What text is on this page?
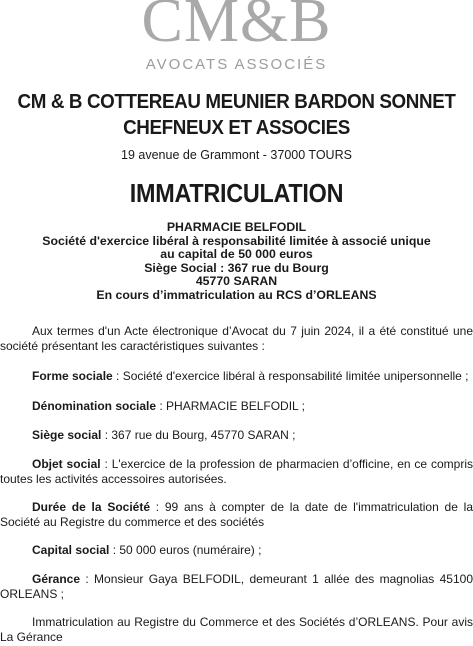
CM&B
AVOCATS ASSOCIÉS
CM & B COTTEREAU MEUNIER BARDON SONNET
CHEFNEUX ET ASSOCIES
19 avenue de Grammont - 37000 TOURS
IMMATRICULATION
PHARMACIE BELFODIL
Société d'exercice libéral à responsabilité limitée à associé unique
au capital de 50 000 euros
Siège Social : 367 rue du Bourg
45770 SARAN
En cours d’immatriculation au RCS d’ORLEANS
Aux termes d'un Acte électronique d’Avocat du 7 juin 2024, il a été constitué une société présentant les caractéristiques suivantes :
Forme sociale : Société d'exercice libéral à responsabilité limitée unipersonnelle ;
Dénomination sociale : PHARMACIE BELFODIL ;
Siège social : 367 rue du Bourg, 45770 SARAN ;
Objet social : L'exercice de la profession de pharmacien d’officine, en ce compris toutes les activités accessoires autorisées.
Durée de la Société : 99 ans à compter de la date de l'immatriculation de la Société au Registre du commerce et des sociétés
Capital social : 50 000 euros (numéraire) ;
Gérance : Monsieur Gaya BELFODIL, demeurant 1 allée des magnolias 45100 ORLEANS ;
Immatriculation au Registre du Commerce et des Sociétés d’ORLEANS. Pour avis La Gérance
